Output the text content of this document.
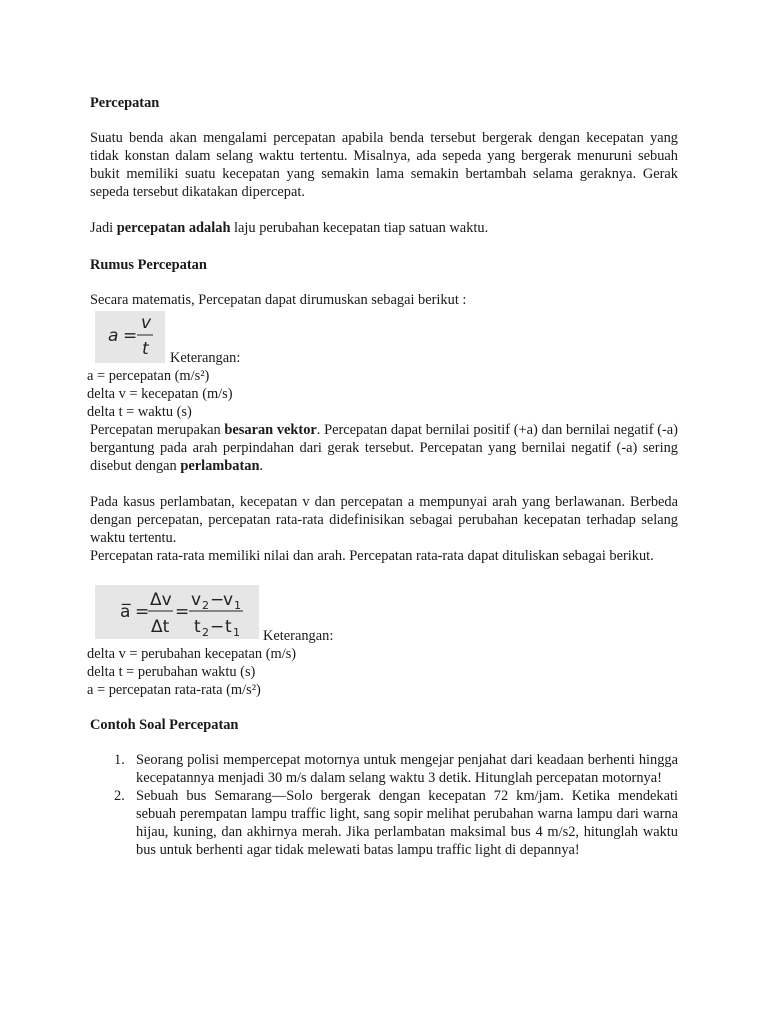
Percepatan

Suatu benda akan mengalami percepatan apabila benda tersebut bergerak dengan kecepatan yang tidak konstan dalam selang waktu tertentu. Misalnya, ada sepeda yang bergerak menuruni sebuah bukit memiliki suatu kecepatan yang semakin lama semakin bertambah selama geraknya. Gerak sepeda tersebut dikatakan dipercepat.

Jadi percepatan adalah laju perubahan kecepatan tiap satuan waktu.

Rumus Percepatan

Secara matematis, Percepatan dapat dirumuskan sebagai berikut :

a =
v
t Keterangan:

a = percepatan (m/s²)

delta v = kecepatan (m/s)

delta t = waktu (s)

Percepatan merupakan besaran vektor. Percepatan dapat bernilai positif (+a) dan bernilai negatif (-a) bergantung pada arah perpindahan dari gerak tersebut. Percepatan yang bernilai negatif (-a) sering disebut dengan perlambatan.

Pada kasus perlambatan, kecepatan v dan percepatan a mempunyai arah yang berlawanan. Berbeda dengan percepatan, percepatan rata-rata didefinisikan sebagai perubahan kecepatan terhadap selang waktu tertentu.

Percepatan rata-rata memiliki nilai dan arah. Percepatan rata-rata dapat dituliskan sebagai berikut.

_
a =
Δv
Δt
=
v 2 −
v 1
t 2 − t 1 Keterangan:

delta v = perubahan kecepatan (m/s)

delta t = perubahan waktu (s)

a = percepatan rata-rata (m/s²)

Contoh Soal Percepatan

1. Seorang polisi mempercepat motornya untuk mengejar penjahat dari keadaan berhenti hingga kecepatannya menjadi 30 m/s dalam selang waktu 3 detik. Hitunglah percepatan motornya!
2. Sebuah bus Semarang—Solo bergerak dengan kecepatan 72 km/jam. Ketika mendekati sebuah perempatan lampu traffic light, sang sopir melihat perubahan warna lampu dari warna hijau, kuning, dan akhirnya merah. Jika perlambatan maksimal bus 4 m/s2, hitunglah waktu bus untuk berhenti agar tidak melewati batas lampu traffic light di depannya!
